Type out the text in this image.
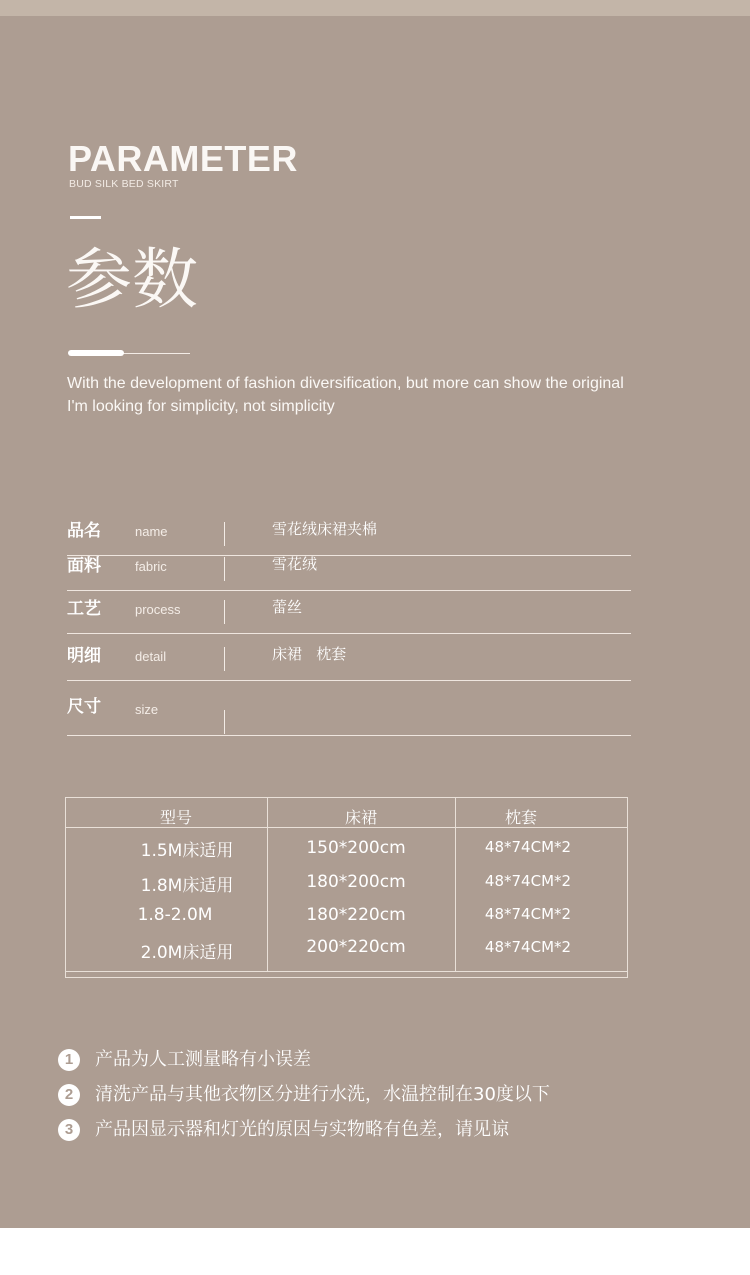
PARAMETER
BUD SILK BED SKIRT
参数
With the development of fashion diversification, but more can show the original
I'm looking for simplicity, not simplicity
品名	name	雪花绒床裙夹棉
面料	fabric	雪花绒
工艺	process	蕾丝
明细	detail	床裙   枕套
尺寸	size
型号	床裙	枕套
1.5M床适用	150*200cm	48*74CM*2
1.8M床适用	180*200cm	48*74CM*2
1.8-2.0M	180*220cm	48*74CM*2
2.0M床适用	200*220cm	48*74CM*2
1	产品为人工测量略有小误差
2	清洗产品与其他衣物区分进行水洗，水温控制在30度以下
3	产品因显示器和灯光的原因与实物略有色差，请见谅
